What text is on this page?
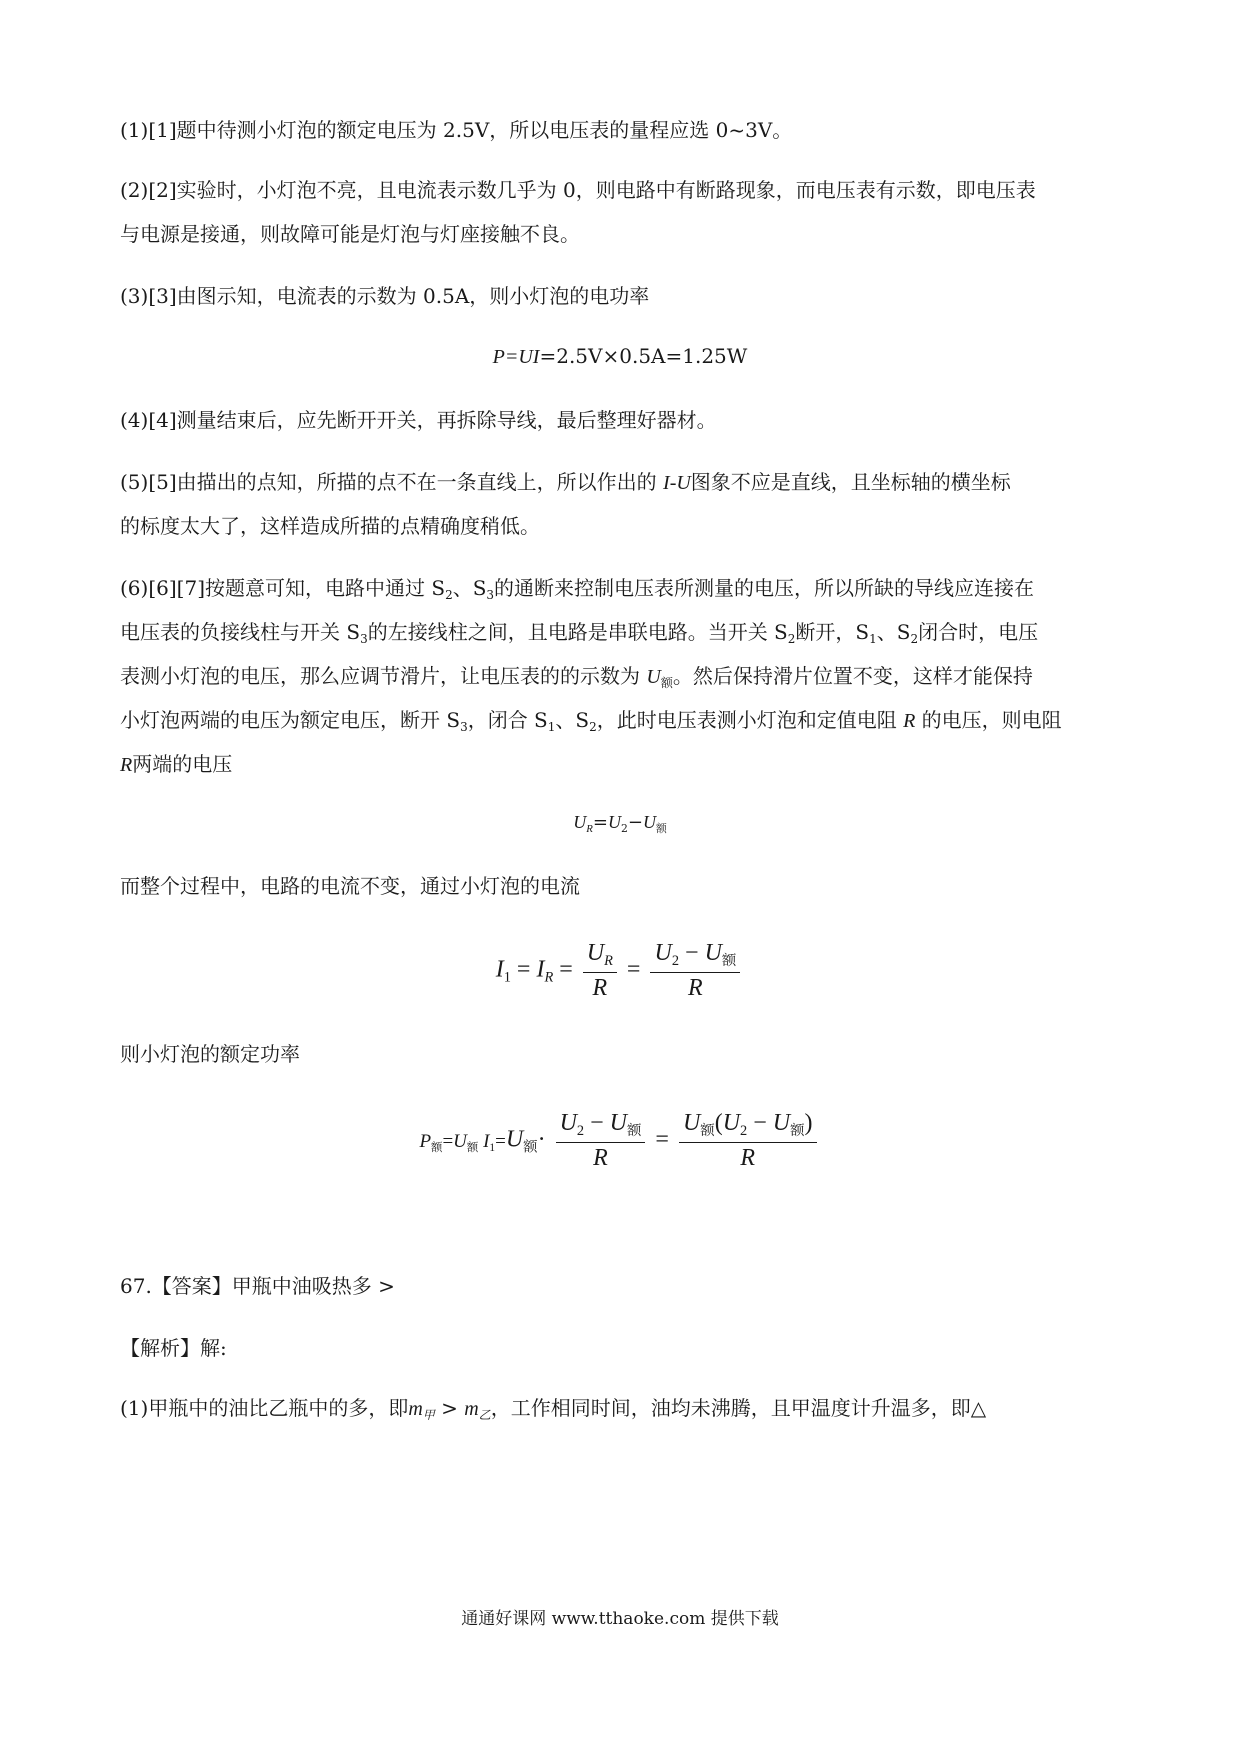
(1)[1]题中待测小灯泡的额定电压为 2.5V，所以电压表的量程应选 0~3V。
(2)[2]实验时，小灯泡不亮，且电流表示数几乎为 0，则电路中有断路现象，而电压表有示数，即电压表
与电源是接通，则故障可能是灯泡与灯座接触不良。
(3)[3]由图示知，电流表的示数为 0.5A，则小灯泡的电功率
P=UI=2.5V×0.5A=1.25W
(4)[4]测量结束后，应先断开开关，再拆除导线，最后整理好器材。
(5)[5]由描出的点知，所描的点不在一条直线上，所以作出的 I-U图象不应是直线，且坐标轴的横坐标
的标度太大了，这样造成所描的点精确度稍低。
(6)[6][7]按题意可知，电路中通过 $S_2$、$S_3$的通断来控制电压表所测量的电压，所以所缺的导线应连接在
电压表的负接线柱与开关 $S_3$的左接线柱之间，且电路是串联电路。当开关 $S_2$断开，$S_1$、$S_2$闭合时，电压
表测小灯泡的电压，那么应调节滑片，让电压表的的示数为 $U_额$。然后保持滑片位置不变，这样才能保持
小灯泡两端的电压为额定电压，断开 $S_3$，闭合 $S_1$、$S_2$，此时电压表测小灯泡和定值电阻 R 的电压，则电阻
R两端的电压
$U_R=U_2-U_额$
而整个过程中，电路的电流不变，通过小灯泡的电流
$I_1 = I_R = \frac{U_R}{R} = \frac{U_2 - U_额}{R}$
则小灯泡的额定功率
$P_额=U_额$ $I_1=U_额\cdot \frac{U_2 - U_额}{R} = \frac{U_额(U_2 - U_额)}{R}$
67.【答案】甲瓶中油吸热多 >
【解析】解:
(1)甲瓶中的油比乙瓶中的多，即$m_甲 > m_乙$，工作相同时间，油均未沸腾，且甲温度计升温多，即△
通通好课网 www.tthaoke.com 提供下载
